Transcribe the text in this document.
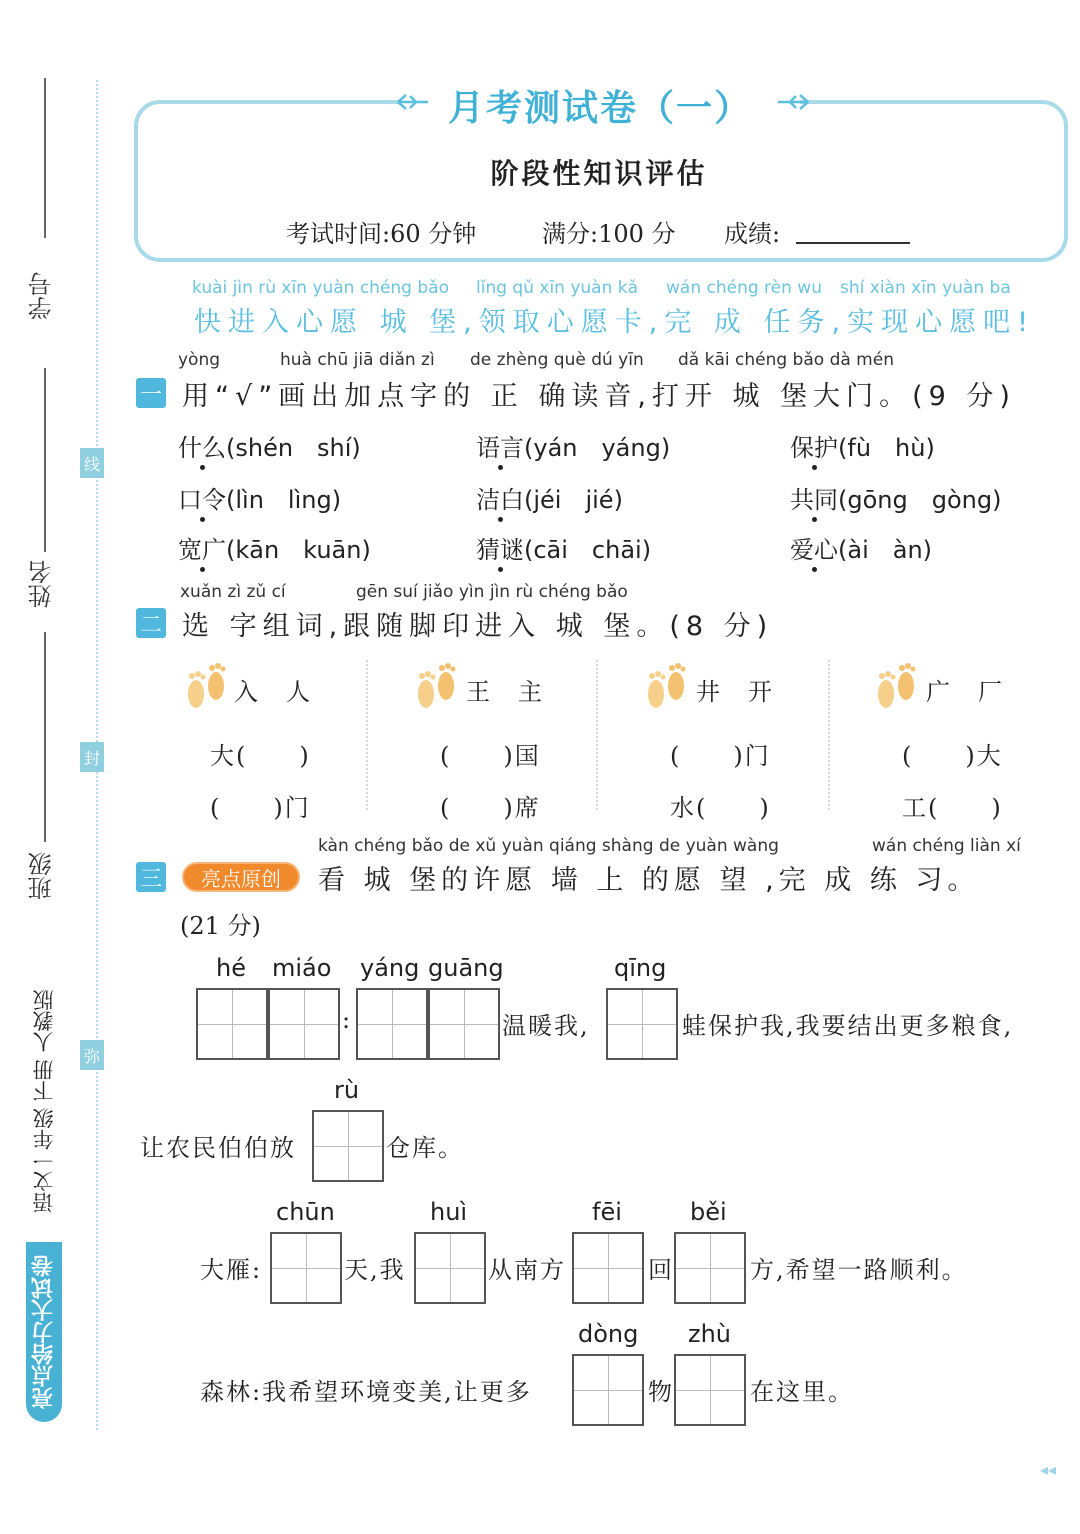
学号
姓名
班级
线
封
弥
语文一年级 下册 人教版
亮点给力大试卷
月考测试卷（一）
阶段性知识评估
考试时间:60 分钟	满分:100 分 成绩:
kuài jìn rù xīn yuàn chéng bǎo lǐng qǔ xīn yuàn kǎ wán chéng rèn wu shí xiàn xīn yuàn ba
快进入心愿 城 堡,领取心愿卡,完 成 任务,实现心愿吧!
yòng	huà chū jiā diǎn zì de zhèng què dú yīn dǎ kāi chéng bǎo dà mén
一 用“√”画出加点字的 正 确读音,打开 城 堡大门。(9 分)
什么(shén　shí)	语言(yán　yáng)	保护(fù　hù)
口令(lìn　lìng)	洁白(jéi　jié)	共同(gōng　gòng)
宽广(kān　kuān)	猜谜(cāi　chāi)	爱心(ài　àn)
xuǎn zì zǔ cí	gēn suí jiǎo yìn jìn rù chéng bǎo
二 选 字组词,跟随脚印进入 城 堡。(8 分)
入　人	王　主	井　开	广　厂
大(　　)	(　　)国	(　　)门	(　　)大
(　　)门	(　　)席	水(　　)	工(　　)
kàn chéng bǎo de xǔ yuàn qiáng shàng de yuàn wàng	wán chéng liàn xí
三	亮点原创	看 城 堡的许愿 墙 上 的愿 望 ,完 成 练 习。
(21 分)
hé miáo yáng guāng	qīng
:	温暖我,	蛙保护我,我要结出更多粮食,
rù
让农民伯伯放	仓库。
chūn	huì	fēi	běi
大雁:	天,我	从南方	回	方,希望一路顺利。
dòng zhù
森林:我希望环境变美,让更多	物	在这里。
◂◂
